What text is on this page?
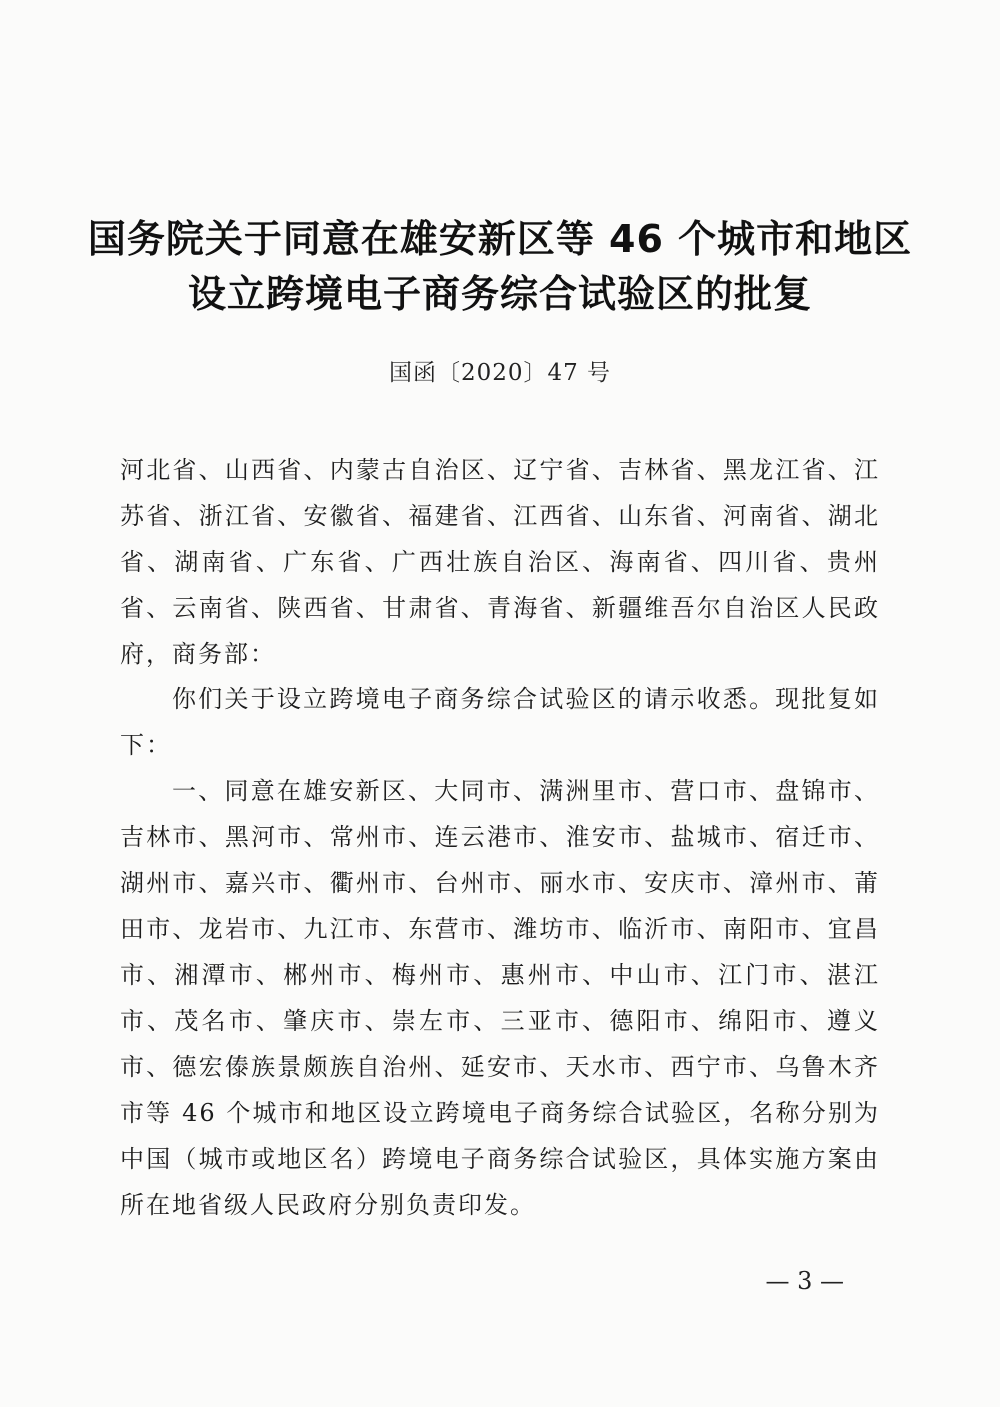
国务院关于同意在雄安新区等 46 个城市和地区
设立跨境电子商务综合试验区的批复
国函〔2020〕47 号
河北省、山西省、内蒙古自治区、辽宁省、吉林省、黑龙江省、江苏省、浙江省、安徽省、福建省、江西省、山东省、河南省、湖北省、湖南省、广东省、广西壮族自治区、海南省、四川省、贵州省、云南省、陕西省、甘肃省、青海省、新疆维吾尔自治区人民政府，商务部：
你们关于设立跨境电子商务综合试验区的请示收悉。现批复如下：
一、同意在雄安新区、大同市、满洲里市、营口市、盘锦市、吉林市、黑河市、常州市、连云港市、淮安市、盐城市、宿迁市、湖州市、嘉兴市、衢州市、台州市、丽水市、安庆市、漳州市、莆田市、龙岩市、九江市、东营市、潍坊市、临沂市、南阳市、宜昌市、湘潭市、郴州市、梅州市、惠州市、中山市、江门市、湛江市、茂名市、肇庆市、崇左市、三亚市、德阳市、绵阳市、遵义市、德宏傣族景颇族自治州、延安市、天水市、西宁市、乌鲁木齐市等 46 个城市和地区设立跨境电子商务综合试验区，名称分别为中国（城市或地区名）跨境电子商务综合试验区，具体实施方案由所在地省级人民政府分别负责印发。
— 3 —
